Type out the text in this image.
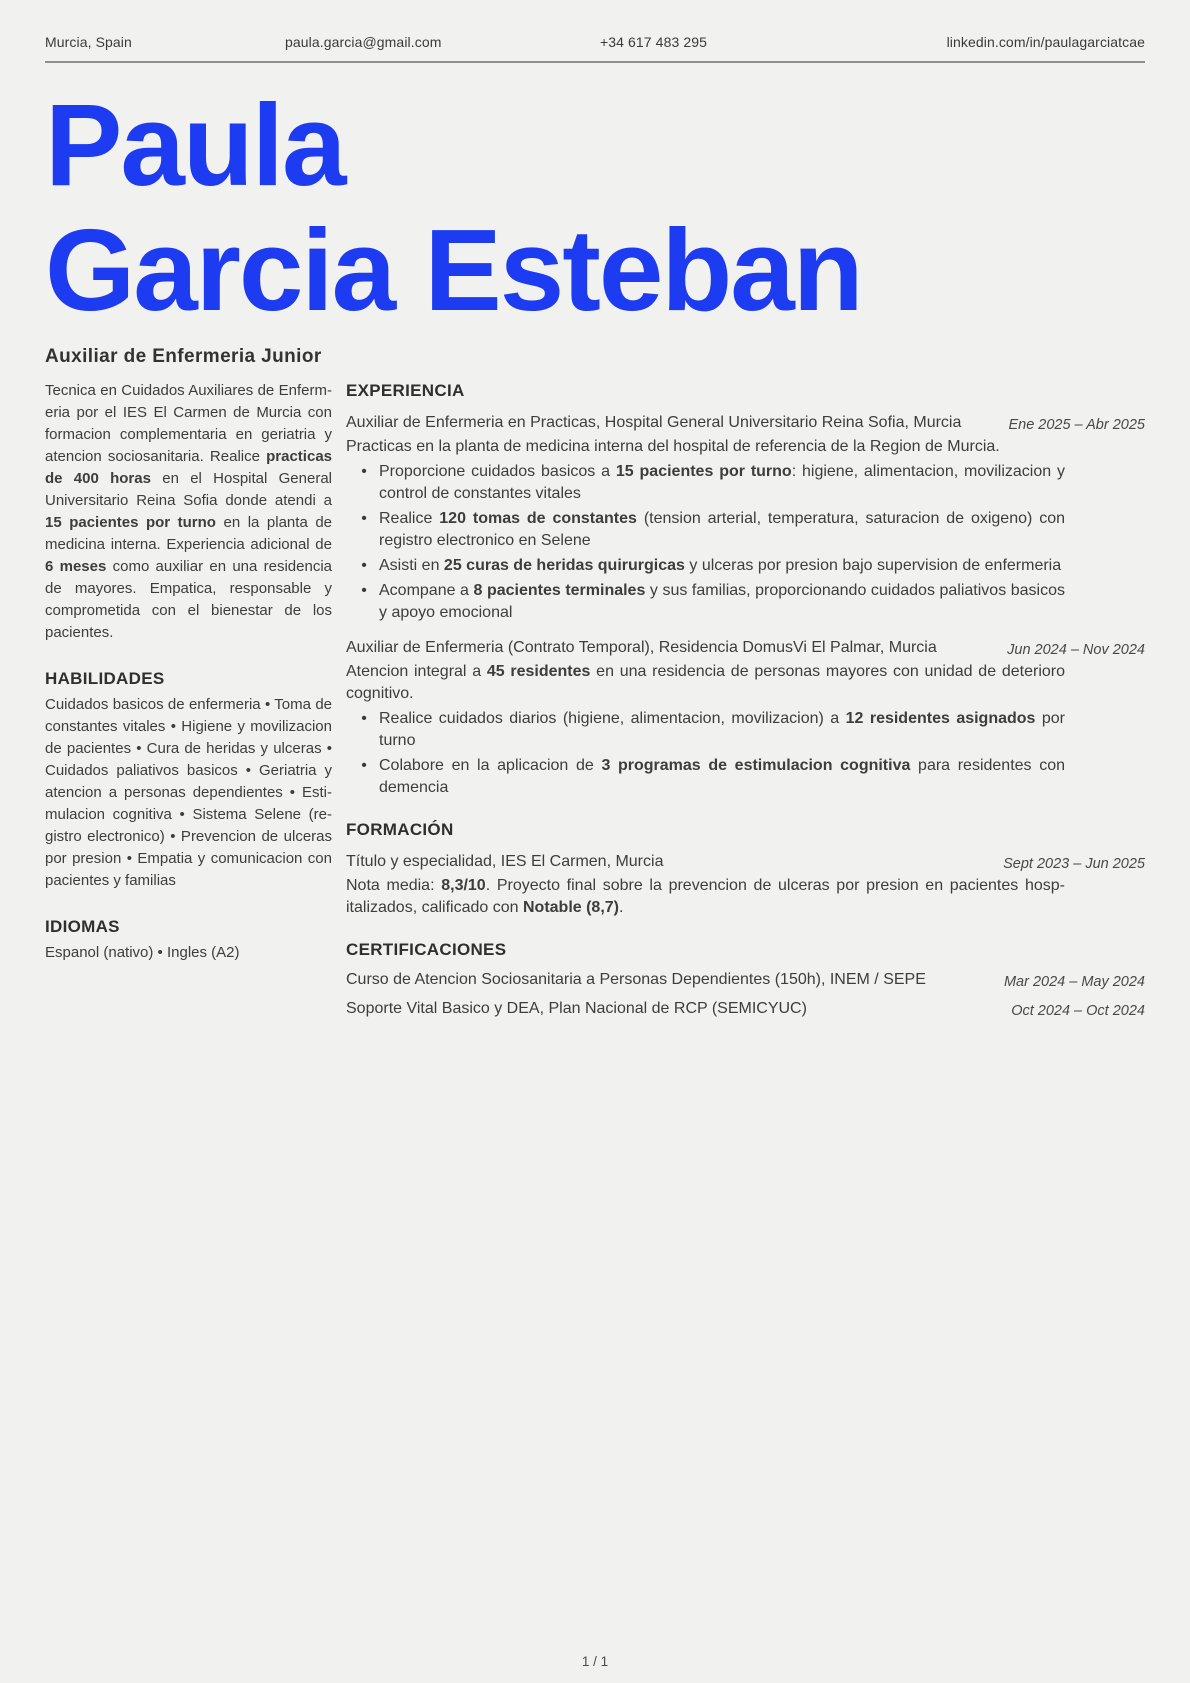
Murcia, Spain	paula.garcia@gmail.com	+34 617 483 295	linkedin.com/in/paulagarciatcae
Paula
Garcia Esteban
Auxiliar de Enfermeria Junior

Tecnica en Cuidados Auxiliares de Enfermeria por el IES El Carmen de Murcia con formacion complementaria en geriatria y atencion sociosanitaria. Realice practicas de 400 horas en el Hospital General Universitario Reina Sofia donde atendi a 15 pacientes por turno en la planta de medicina interna. Experiencia adicional de 6 meses como auxiliar en una residencia de mayores. Empatica, responsable y comprometida con el bienestar de los pacientes.

HABILIDADES

Cuidados basicos de enfermeria • Toma de constantes vitales • Higiene y movilizacion de pacientes • Cura de heridas y ulceras • Cuidados paliativos basicos • Geriatria y atencion a personas dependientes • Estimulacion cognitiva • Sistema Selene (registro electronico) • Prevencion de ulceras por presion • Empatia y comunicacion con pacientes y familias

IDIOMAS

Espanol (nativo) • Ingles (A2)

EXPERIENCIA
Auxiliar de Enfermeria en Practicas, Hospital General Universitario Reina Sofia, Murcia	Ene 2025 – Abr 2025

Practicas en la planta de medicina interna del hospital de referencia de la Region de Murcia.

• Proporcione cuidados basicos a 15 pacientes por turno: higiene, alimentacion, movilizacion y control de constantes vitales
• Realice 120 tomas de constantes (tension arterial, temperatura, saturacion de oxigeno) con registro electronico en Selene
• Asisti en 25 curas de heridas quirurgicas y ulceras por presion bajo supervision de enfermeria
• Acompane a 8 pacientes terminales y sus familias, proporcionando cuidados paliativos basicos y apoyo emocional
Auxiliar de Enfermeria (Contrato Temporal), Residencia DomusVi El Palmar, Murcia	Jun 2024 – Nov 2024

Atencion integral a 45 residentes en una residencia de personas mayores con unidad de deterioro cognitivo.

• Realice cuidados diarios (higiene, alimentacion, movilizacion) a 12 residentes asignados por turno
• Colabore en la aplicacion de 3 programas de estimulacion cognitiva para residentes con demencia
FORMACIÓN
Título y especialidad, IES El Carmen, Murcia	Sept 2023 – Jun 2025

Nota media: 8,3/10. Proyecto final sobre la prevencion de ulceras por presion en pacientes hospitalizados, calificado con Notable (8,7).

CERTIFICACIONES
Curso de Atencion Sociosanitaria a Personas Dependientes (150h), INEM / SEPE	Mar 2024 – May 2024
Soporte Vital Basico y DEA, Plan Nacional de RCP (SEMICYUC)	Oct 2024 – Oct 2024
1 / 1
